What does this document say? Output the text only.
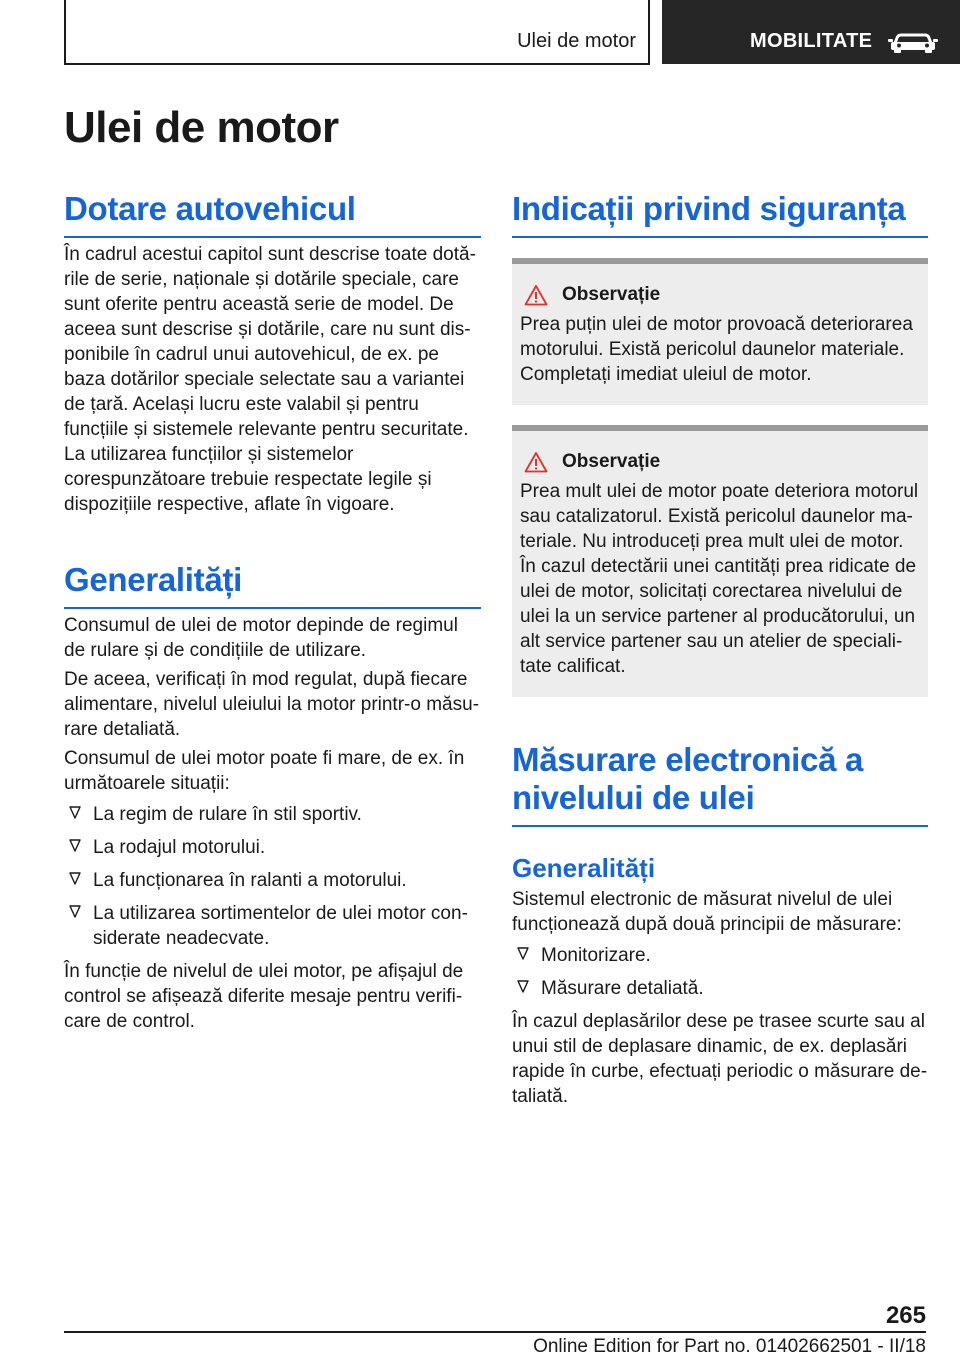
Ulei de motor	MOBILITATE
Ulei de motor
Dotare autovehicul

În cadrul acestui capitol sunt descrise toate dotările de serie, naționale și dotările speciale, care sunt oferite pentru această serie de model. De aceea sunt descrise și dotările, care nu sunt disponibile în cadrul unui autovehicul, de ex. pe baza dotărilor speciale selectate sau a variantei de țară. Același lucru este valabil și pentru funcțiile și sistemele relevante pentru securitate. La utilizarea funcțiilor și sistemelor corespunzătoare trebuie respectate legile și dispozițiile respective, aflate în vigoare.

Generalități

Consumul de ulei de motor depinde de regimul de rulare și de condițiile de utilizare.

De aceea, verificați în mod regulat, după fiecare alimentare, nivelul uleiului la motor printr-o măsurare detaliată.

Consumul de ulei motor poate fi mare, de ex. în următoarele situații:

La regim de rulare în stil sportiv.
La rodajul motorului.
La funcționarea în ralanti a motorului.
La utilizarea sortimentelor de ulei motor considerate neadecvate.

În funcție de nivelul de ulei motor, pe afișajul de control se afișează diferite mesaje pentru verificare de control.

Indicații privind siguranța
Observație

Prea puțin ulei de motor provoacă deteriorarea motorului. Există pericolul daunelor materiale. Completați imediat uleiul de motor.

Observație

Prea mult ulei de motor poate deteriora motorul sau catalizatorul. Există pericolul daunelor materiale. Nu introduceți prea mult ulei de motor. În cazul detectării unei cantități prea ridicate de ulei de motor, solicitați corectarea nivelului de ulei la un service partener al producătorului, un alt service partener sau un atelier de specialitate calificat.

Măsurare electronică a nivelului de ulei
Generalități

Sistemul electronic de măsurat nivelul de ulei funcționează după două principii de măsurare:

Monitorizare.
Măsurare detaliată.

În cazul deplasărilor dese pe trasee scurte sau al unui stil de deplasare dinamic, de ex. deplasări rapide în curbe, efectuați periodic o măsurare detaliată.

265
Online Edition for Part no. 01402662501 - II/18
